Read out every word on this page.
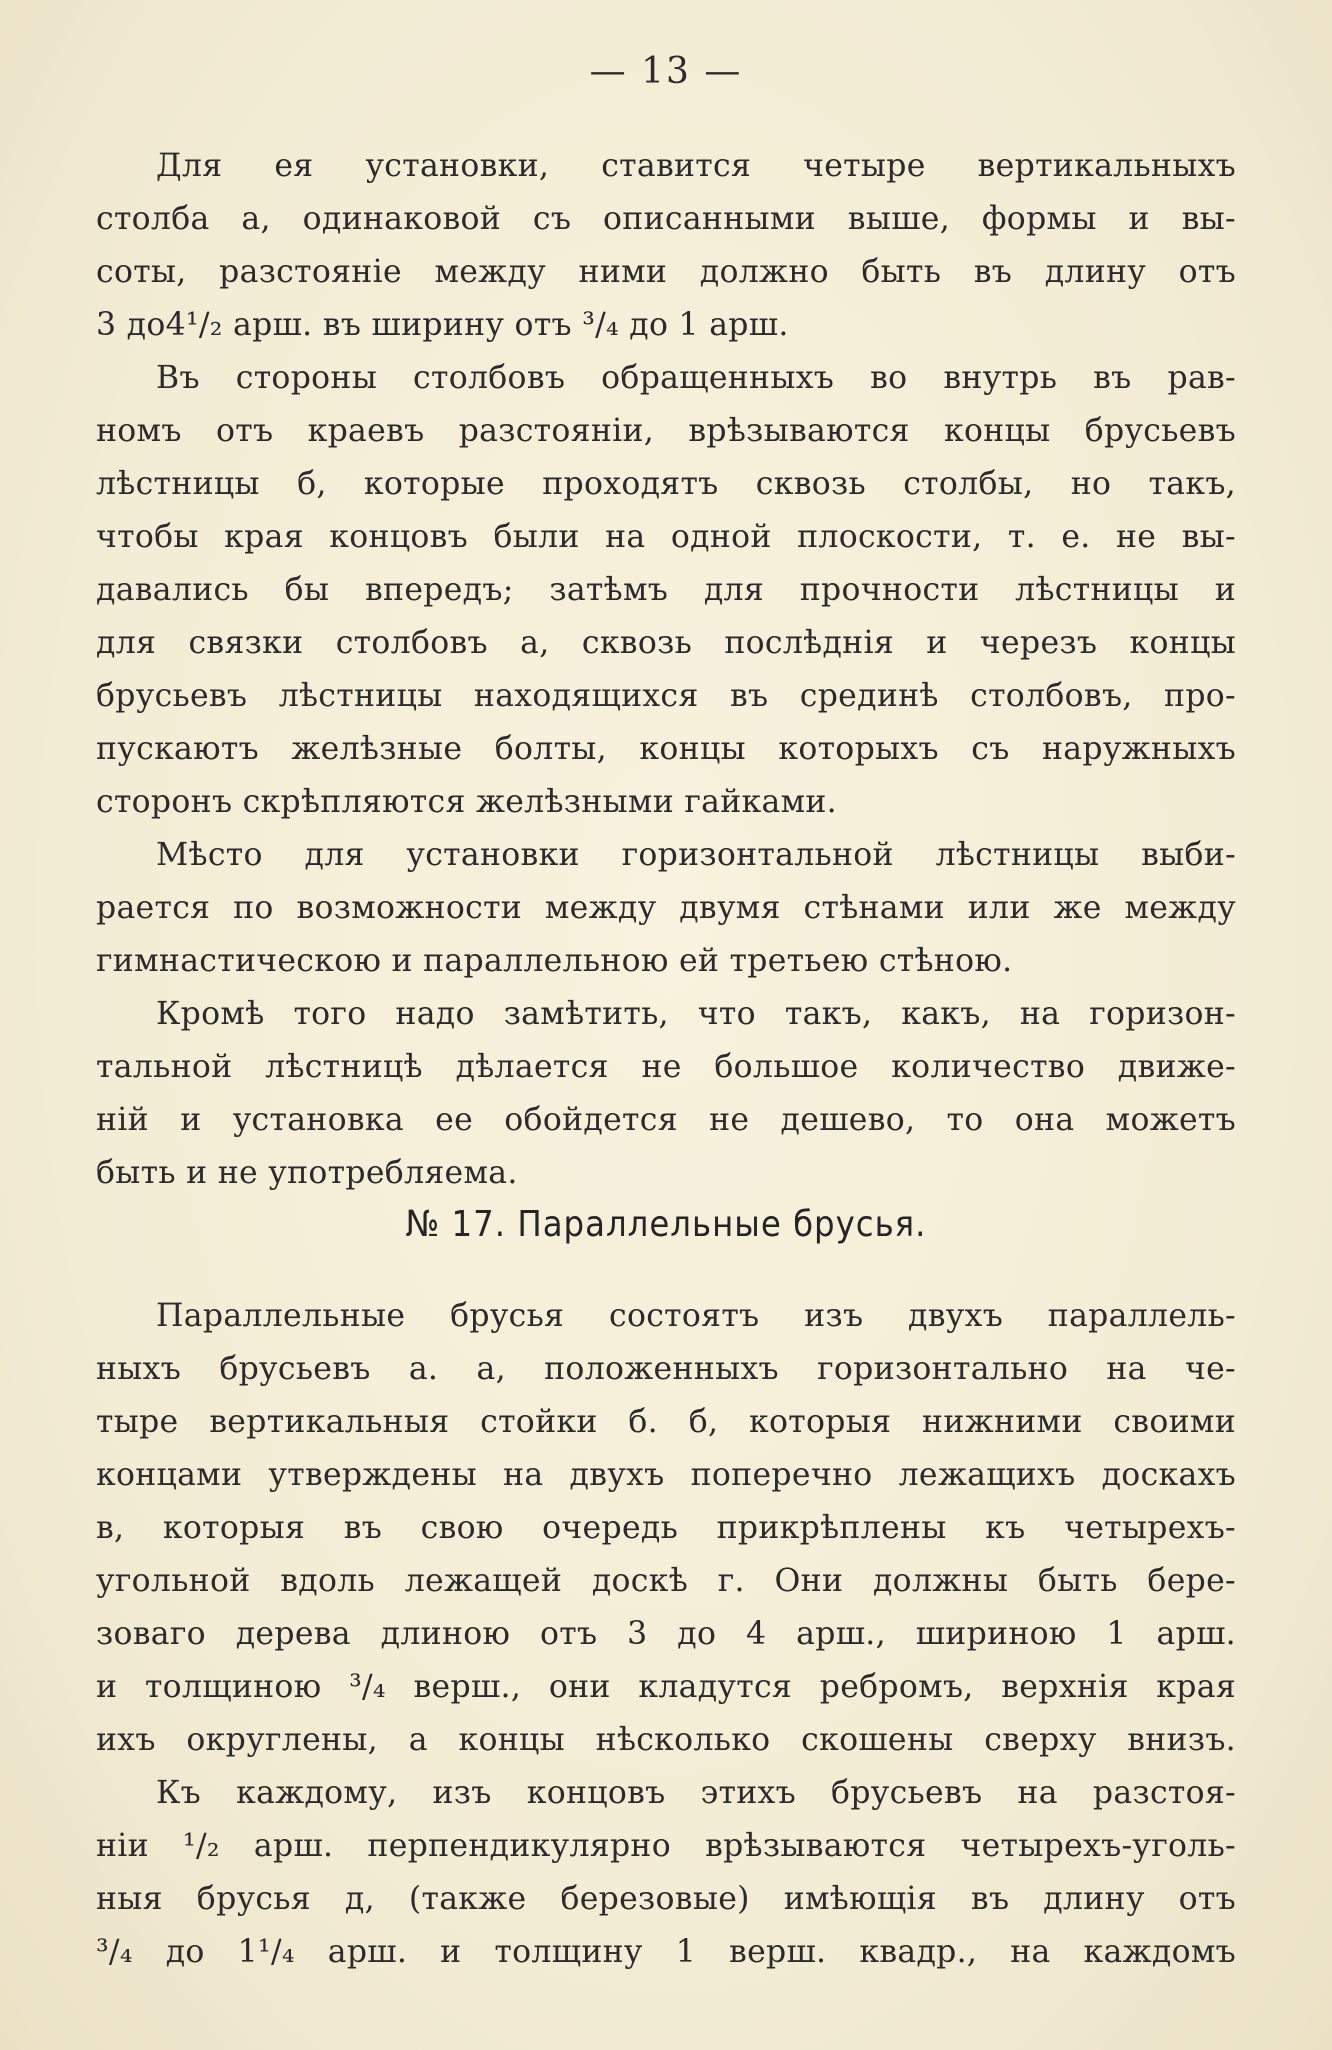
— 13 —
Для ея установки, ставится четыре вертикальныхъ
столба а, одинаковой съ описанными выше, формы и вы-
соты, разстояніе между ними должно быть въ длину отъ
3 до4¹/₂ арш. въ ширину отъ ³/₄ до 1 арш.
Въ стороны столбовъ обращенныхъ во внутрь въ рав-
номъ отъ краевъ разстояніи, врѣзываются концы брусьевъ
лѣстницы б, которые проходятъ сквозь столбы, но такъ,
чтобы края концовъ были на одной плоскости, т. е. не вы-
давались бы впередъ; затѣмъ для прочности лѣстницы и
для связки столбовъ а, сквозь послѣднія и черезъ концы
брусьевъ лѣстницы находящихся въ срединѣ столбовъ, про-
пускаютъ желѣзные болты, концы которыхъ съ наружныхъ
сторонъ скрѣпляются желѣзными гайками.
Мѣсто для установки горизонтальной лѣстницы выби-
рается по возможности между двумя стѣнами или же между
гимнастическою и параллельною ей третьею стѣною.
Кромѣ того надо замѣтить, что такъ, какъ, на горизон-
тальной лѣстницѣ дѣлается не большое количество движе-
ній и установка ее обойдется не дешево, то она можетъ
быть и не употребляема.
№ 17. Параллельные брусья.
Параллельные брусья состоятъ изъ двухъ параллель-
ныхъ брусьевъ а. а, положенныхъ горизонтально на че-
тыре вертикальныя стойки б. б, которыя нижними своими
концами утверждены на двухъ поперечно лежащихъ доскахъ
в, которыя въ свою очередь прикрѣплены къ четырехъ-
угольной вдоль лежащей доскѣ г. Они должны быть бере-
зоваго дерева длиною отъ 3 до 4 арш., шириною 1 арш.
и толщиною ³/₄ верш., они кладутся ребромъ, верхнія края
ихъ округлены, а концы нѣсколько скошены сверху внизъ.
Къ каждому, изъ концовъ этихъ брусьевъ на разстоя-
ніи ¹/₂ арш. перпендикулярно врѣзываются четырехъ-уголь-
ныя брусья д, (также березовые) имѣющія въ длину отъ
³/₄ до 1¹/₄ арш. и толщину 1 верш. квадр., на каждомъ
